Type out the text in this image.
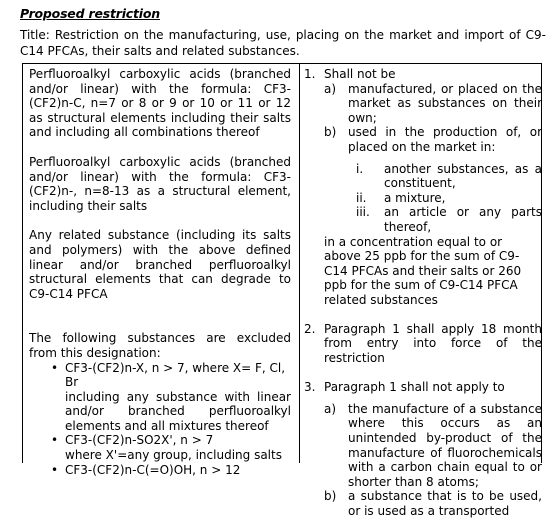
Proposed restriction
Title: Restriction on the manufacturing, use, placing on the market and import of C9-C14 PFCAs, their salts and related substances.
Perfluoroalkyl carboxylic acids (branched and/or linear) with the formula: CF3-(CF2)n-C, n=7 or 8 or 9 or 10 or 11 or 12 as structural elements including their salts and including all combinations thereof
Perfluoroalkyl carboxylic acids (branched and/or linear) with the formula: CF3-(CF2)n-, n=8-13 as a structural element, including their salts
Any related substance (including its salts and polymers) with the above defined linear and/or branched perfluoroalkyl structural elements that can degrade to C9-C14 PFCA
The following substances are excluded from this designation:
• CF3-(CF2)n-X, n > 7, where X= F, Cl, Br
including any substance with linear and/or branched perfluoroalkyl elements and all mixtures thereof
• CF3-(CF2)n-SO2X', n > 7
where X'=any group, including salts
• CF3-(CF2)n-C(=O)OH, n > 12
1. Shall not be
a) manufactured, or placed on the market as substances on their own;
b) used in the production of, or placed on the market in:
i.	another substances, as a constituent,
ii.	a mixture,
iii.	an article or any parts thereof,
in a concentration equal to or above 25 ppb for the sum of C9-C14 PFCAs and their salts or 260 ppb for the sum of C9-C14 PFCA related substances
2. Paragraph 1 shall apply 18 month from entry into force of the restriction
3. Paragraph 1 shall not apply to
a) the manufacture of a substance where this occurs as an unintended by-product of the manufacture of fluorochemicals with a carbon chain equal to or shorter than 8 atoms;
b) a substance that is to be used, or is used as a transported
